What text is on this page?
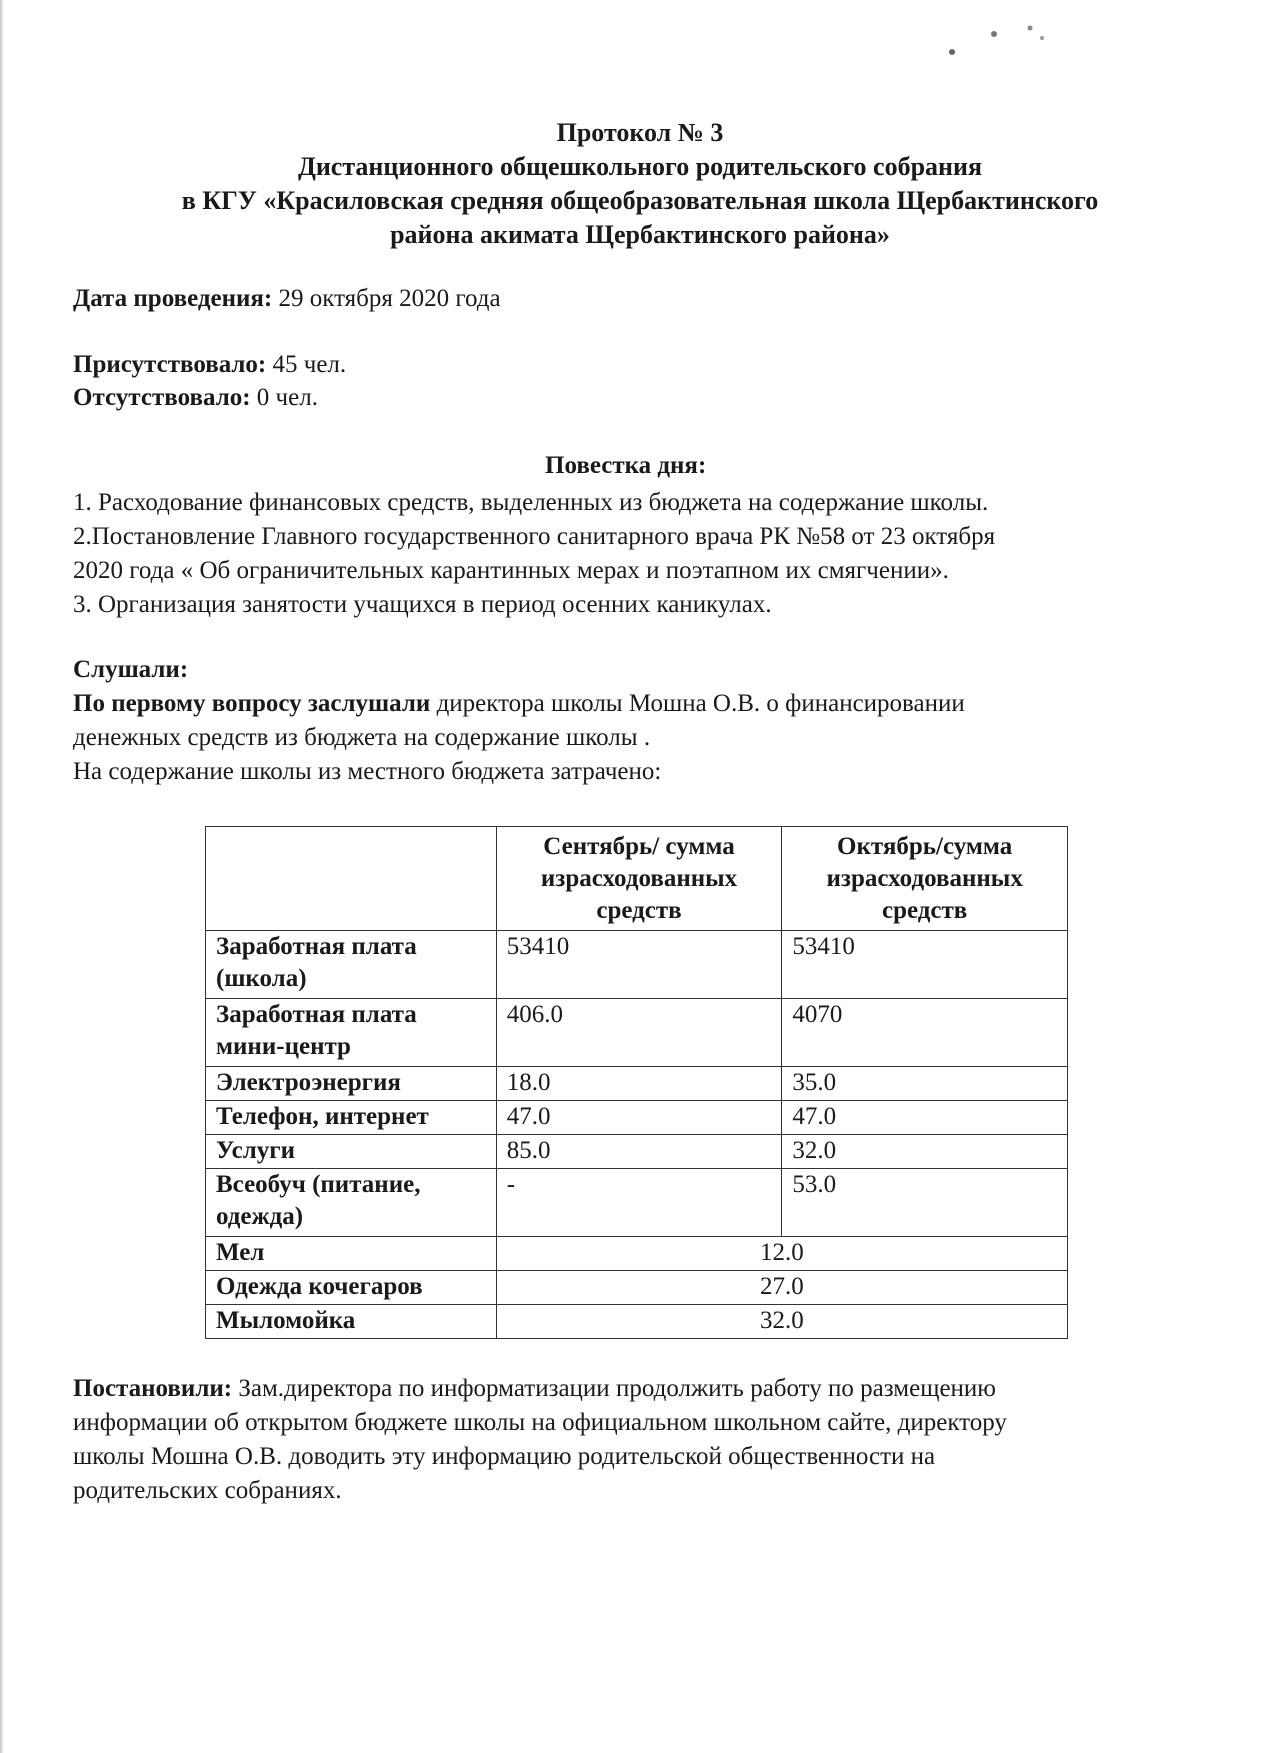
Протокол № 3
Дистанционного общешкольного родительского собрания
в КГУ «Красиловская средняя общеобразовательная школа Щербактинского
района акимата Щербактинского района»
Дата проведения: 29 октября 2020 года
Присутствовало: 45 чел.
Отсутствовало: 0 чел.
Повестка дня:
1. Расходование финансовых средств, выделенных из бюджета на содержание школы.
2.Постановление Главного государственного санитарного врача РК №58 от 23 октября
2020 года « Об ограничительных карантинных мерах и поэтапном их смягчении».
3. Организация занятости учащихся в период осенних каникулах.
Слушали:
По первому вопросу заслушали директора школы Мошна О.В. о финансировании
денежных средств из бюджета на содержание школы .
На содержание школы из местного бюджета затрачено:
	Сентябрь/ сумма израсходованных средств	Октябрь/сумма израсходованных средств
Заработная плата (школа)	53410	53410
Заработная плата мини-центр	406.0	4070
Электроэнергия	18.0	35.0
Телефон, интернет	47.0	47.0
Услуги	85.0	32.0
Всеобуч (питание, одежда)	-	53.0
Мел	12.0	
Одежда кочегаров	27.0	
Мыломойка	32.0	
Постановили: Зам.директора по информатизации продолжить работу по размещению
информации об открытом бюджете школы на официальном школьном сайте, директору
школы Мошна О.В. доводить эту информацию родительской общественности на
родительских собраниях.
